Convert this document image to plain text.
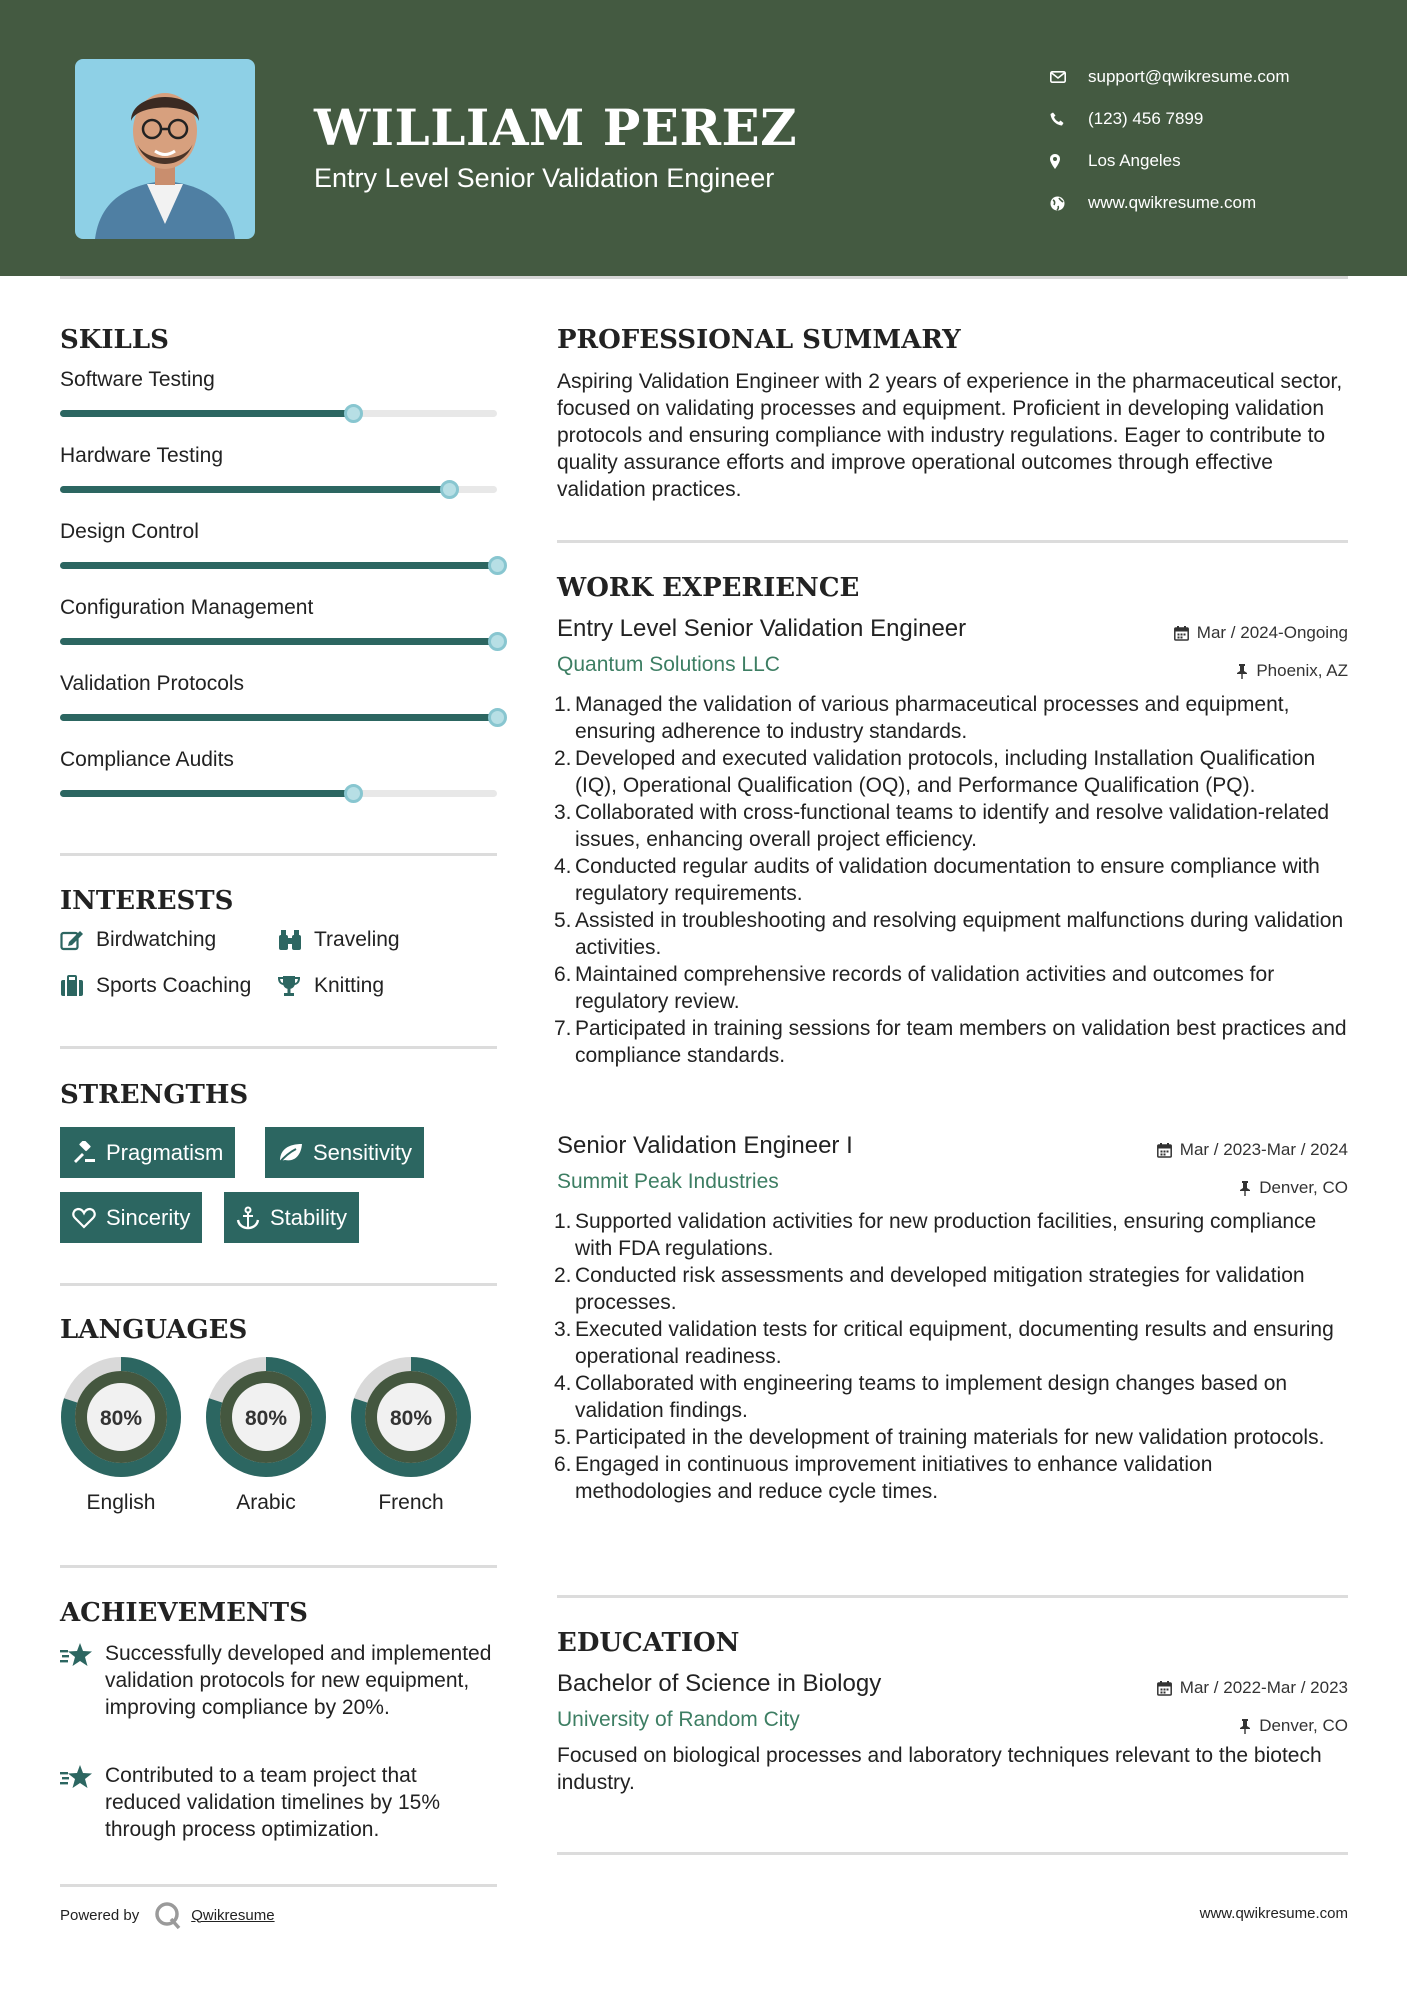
WILLIAM PEREZ
Entry Level Senior Validation Engineer
support@qwikresume.com
(123) 456 7899
Los Angeles
www.qwikresume.com
SKILLS
Software Testing
Hardware Testing
Design Control
Configuration Management
Validation Protocols
Compliance Audits
INTERESTS
Birdwatching	Traveling
Sports Coaching	Knitting
STRENGTHS
Pragmatism	Sensitivity
Sincerity	Stability
LANGUAGES
80%
English
80%
Arabic
80%
French
ACHIEVEMENTS
Successfully developed and implemented validation protocols for new equipment, improving compliance by 20%.
Contributed to a team project that reduced validation timelines by 15% through process optimization.
PROFESSIONAL SUMMARY
Aspiring Validation Engineer with 2 years of experience in the pharmaceutical sector, focused on validating processes and equipment. Proficient in developing validation protocols and ensuring compliance with industry regulations. Eager to contribute to quality assurance efforts and improve operational outcomes through effective validation practices.
WORK EXPERIENCE
Entry Level Senior Validation Engineer	Mar / 2024-Ongoing
Quantum Solutions LLC	Phoenix, AZ
1. Managed the validation of various pharmaceutical processes and equipment, ensuring adherence to industry standards.
2. Developed and executed validation protocols, including Installation Qualification (IQ), Operational Qualification (OQ), and Performance Qualification (PQ).
3. Collaborated with cross-functional teams to identify and resolve validation-related issues, enhancing overall project efficiency.
4. Conducted regular audits of validation documentation to ensure compliance with regulatory requirements.
5. Assisted in troubleshooting and resolving equipment malfunctions during validation activities.
6. Maintained comprehensive records of validation activities and outcomes for regulatory review.
7. Participated in training sessions for team members on validation best practices and compliance standards.
Senior Validation Engineer I	Mar / 2023-Mar / 2024
Summit Peak Industries	Denver, CO
1. Supported validation activities for new production facilities, ensuring compliance with FDA regulations.
2. Conducted risk assessments and developed mitigation strategies for validation processes.
3. Executed validation tests for critical equipment, documenting results and ensuring operational readiness.
4. Collaborated with engineering teams to implement design changes based on validation findings.
5. Participated in the development of training materials for new validation protocols.
6. Engaged in continuous improvement initiatives to enhance validation methodologies and reduce cycle times.
EDUCATION
Bachelor of Science in Biology	Mar / 2022-Mar / 2023
University of Random City	Denver, CO
Focused on biological processes and laboratory techniques relevant to the biotech industry.
Powered by	Qwikresume	www.qwikresume.com
